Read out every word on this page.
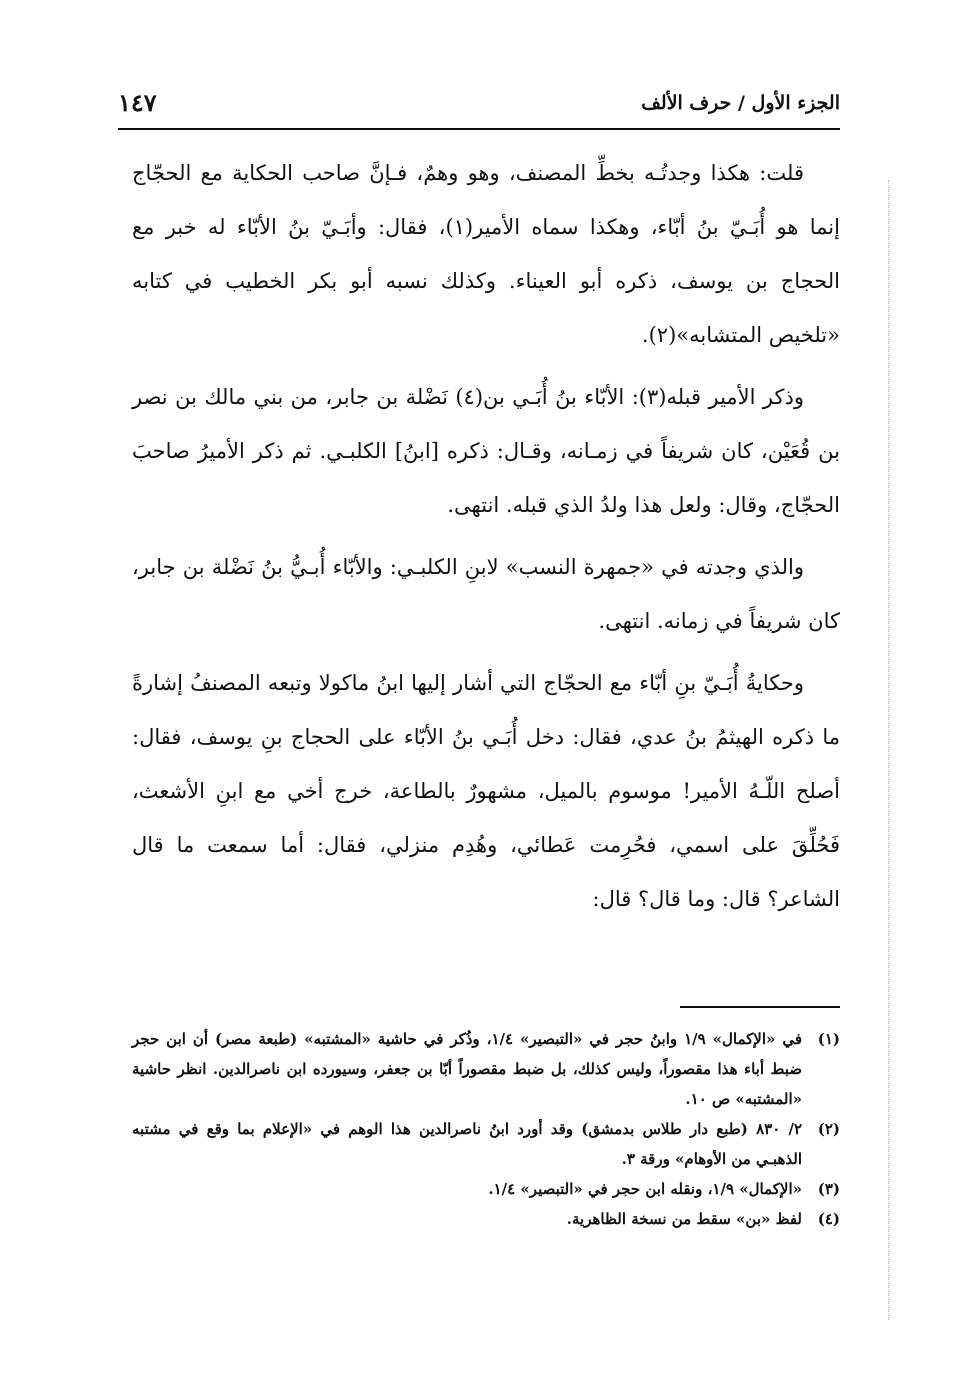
الجزء الأول / حرف الألف
١٤٧

قلت: هكذا وجدتُـه بخطِّ المصنف، وهو وهمٌ، فـإنَّ صاحب الحكاية مع الحجّاج إنما هو أُبَـيّ بنُ أبّاء، وهكذا سماه الأمير(١)، فقال: وأبَـيّ بنُ الأبّاء له خبر مع الحجاج بن يوسف، ذكره أبو العيناء. وكذلك نسبه أبو بكر الخطيب في كتابه «تلخيص المتشابه»(٢).

وذكر الأمير قبله(٣): الأبّاء بنُ أُبَـي بن(٤) نَضْلة بن جابر، من بني مالك بن نصر بن قُعَيْن، كان شريفاً في زمـانه، وقـال: ذكره [ابنُ] الكلبـي. ثم ذكر الأميرُ صاحبَ الحجّاج، وقال: ولعل هذا ولدُ الذي قبله. انتهى.

والذي وجدته في «جمهرة النسب» لابنِ الكلبـي: والأبّاء أُبـيُّ بنُ نَضْلة بن جابر، كان شريفاً في زمانه. انتهى.

وحكايةُ أُبَـيّ بنِ أبّاء مع الحجّاج التي أشار إليها ابنُ ماكولا وتبعه المصنفُ إشارةً ما ذكره الهيثمُ بنُ عدي، فقال: دخل أُبَـي بنُ الأبّاء على الحجاج بنِ يوسف، فقال: أصلح اللّـهُ الأمير! موسوم بالميل، مشهورٌ بالطاعة، خرج أخي مع ابنِ الأشعث، فَحُلِّقَ على اسمي، فحُرِمت عَطائي، وهُدِم منزلي، فقال: أما سمعت ما قال الشاعر؟ قال: وما قال؟ قال:

(١)
في «الإكمال» ١/٩ وابنُ حجر في «التبصير» ١/٤، وذُكر في حاشية «المشتبه» (طبعة مصر) أن ابن حجر ضبط أباء هذا مقصوراً، وليس كذلك، بل ضبط مقصوراً أبّا بن جعفر، وسيورده ابن ناصرالدين. انظر حاشية «المشتبه» ص ١٠.

(٢)
٢/ ٨٣٠ (طبع دار طلاس بدمشق) وقد أورد ابنُ ناصرالدين هذا الوهم في «الإعلام بما وقع في مشتبه الذهبـي من الأوهام» ورقة ٣.

(٣)
«الإكمال» ١/٩، ونقله ابن حجر في «التبصير» ١/٤.

(٤)
لفظ «بن» سقط من نسخة الظاهرية.
